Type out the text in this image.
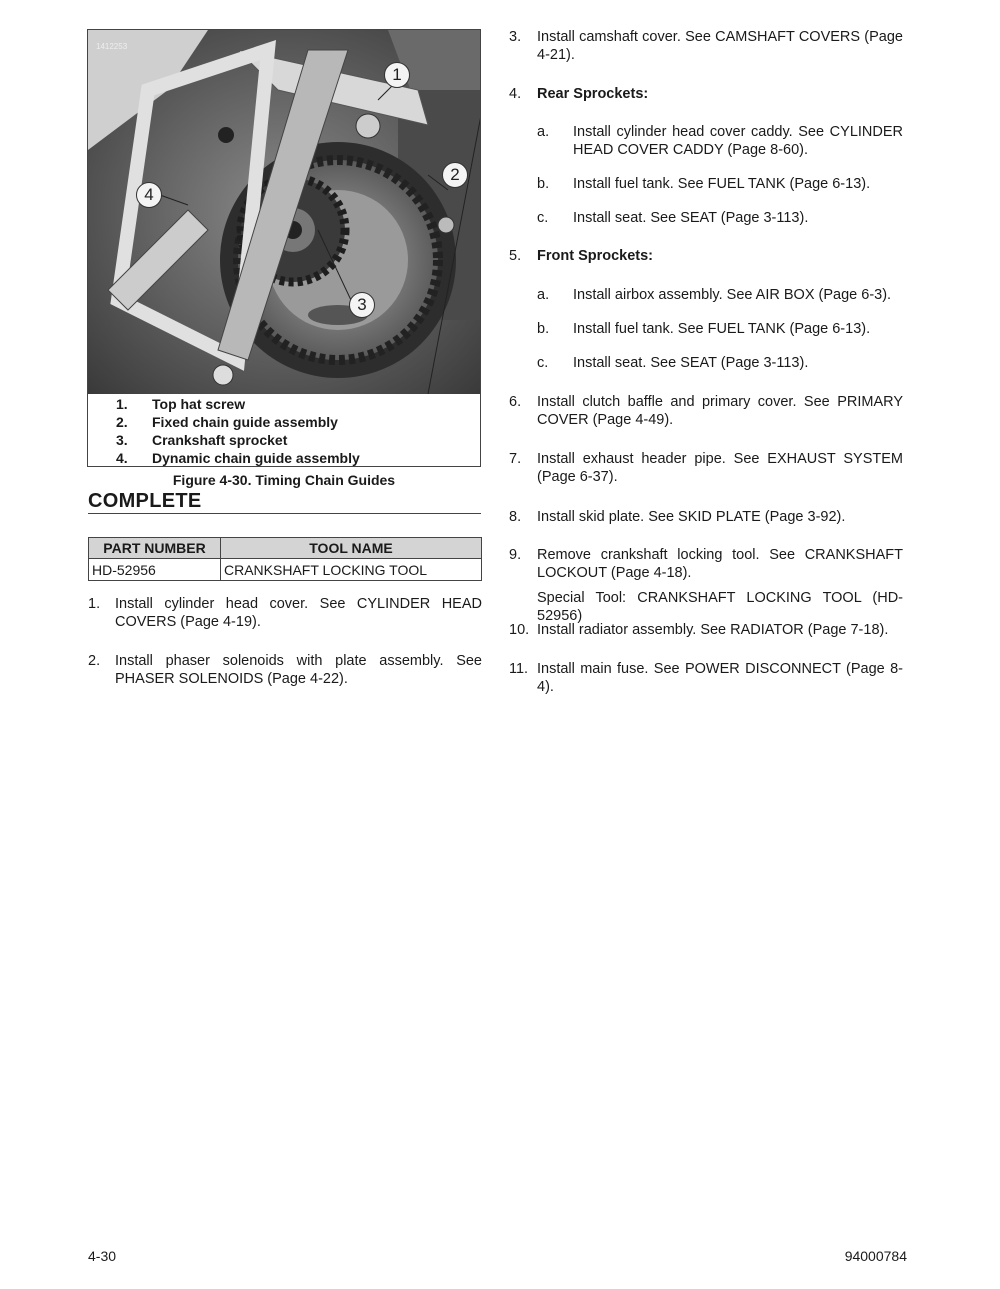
1412253
1
2
3
4
1.	Top hat screw
2.	Fixed chain guide assembly
3.	Crankshaft sprocket
4.	Dynamic chain guide assembly
Figure 4-30. Timing Chain Guides
COMPLETE
PART NUMBER	TOOL NAME
HD-52956	CRANKSHAFT LOCKING TOOL
1. Install cylinder head cover. See CYLINDER HEAD COVERS (Page 4-19).
2. Install phaser solenoids with plate assembly. See PHASER SOLENOIDS (Page 4-22).
3. Install camshaft cover. See CAMSHAFT COVERS (Page 4-21).
4. Rear Sprockets:
a. Install cylinder head cover caddy. See CYLINDER HEAD COVER CADDY (Page 8-60).
b. Install fuel tank. See FUEL TANK (Page 6-13).
c. Install seat. See SEAT (Page 3-113).
5. Front Sprockets:
a. Install airbox assembly. See AIR BOX (Page 6-3).
b. Install fuel tank. See FUEL TANK (Page 6-13).
c. Install seat. See SEAT (Page 3-113).
6. Install clutch baffle and primary cover. See PRIMARY COVER (Page 4-49).
7. Install exhaust header pipe. See EXHAUST SYSTEM (Page 6-37).
8. Install skid plate. See SKID PLATE (Page 3-92).
9. Remove crankshaft locking tool. See CRANKSHAFT LOCKOUT (Page 4-18).
Special Tool: CRANKSHAFT LOCKING TOOL (HD-52956)
10. Install radiator assembly. See RADIATOR (Page 7-18).
11. Install main fuse. See POWER DISCONNECT (Page 8-4).
4-30	94000784
